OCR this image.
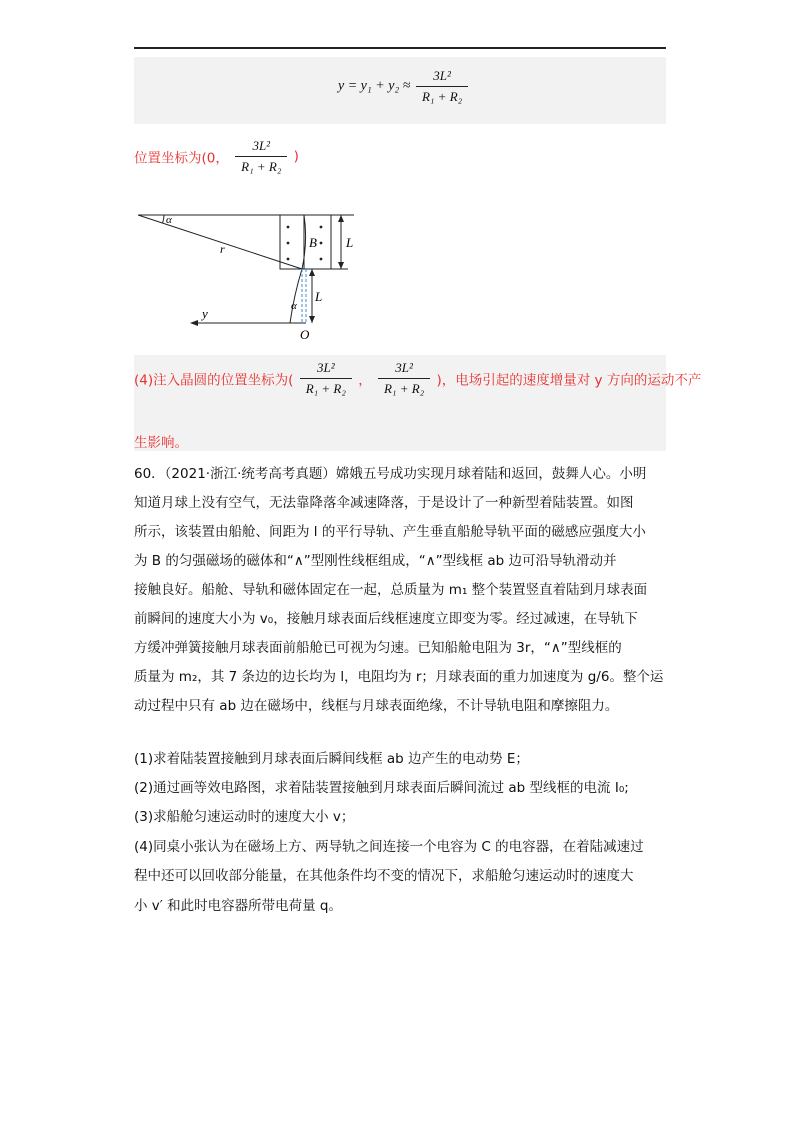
$y = y_1 + y_2 \approx \frac{\text{3L²}}{\text{R₁ + R₂}}$
位置坐标为(0， $\frac{\text{3L²}}{\text{R₁ + R₂}}$ )
α
r	B L
L
α
y
O
(4)注入晶圆的位置坐标为( $\frac{\text{3L²}}{\text{R₁ + R₂}}$ ， $\frac{\text{3L²}}{\text{R₁ + R₂}}$ )，电场引起的速度增量对 y 方向的运动不产
生影响。
60．（2021·浙江·统考高考真题）嫦娥五号成功实现月球着陆和返回，鼓舞人心。小明
知道月球上没有空气，无法靠降落伞减速降落，于是设计了一种新型着陆装置。如图
所示，该装置由船舱、间距为 l 的平行导轨、产生垂直船舱导轨平面的磁感应强度大小
为 B 的匀强磁场的磁体和“∧”型刚性线框组成，“∧”型线框 ab 边可沿导轨滑动并
接触良好。船舱、导轨和磁体固定在一起，总质量为 m₁ 整个装置竖直着陆到月球表面
前瞬间的速度大小为 v₀，接触月球表面后线框速度立即变为零。经过减速，在导轨下
方缓冲弹簧接触月球表面前船舱已可视为匀速。已知船舱电阻为 3r，“∧”型线框的
质量为 m₂，其 7 条边的边长均为 l，电阻均为 r；月球表面的重力加速度为 g/6。整个运
动过程中只有 ab 边在磁场中，线框与月球表面绝缘，不计导轨电阻和摩擦阻力。
(1)求着陆装置接触到月球表面后瞬间线框 ab 边产生的电动势 E；
(2)通过画等效电路图，求着陆装置接触到月球表面后瞬间流过 ab 型线框的电流 I₀;
(3)求船舱匀速运动时的速度大小 v；
(4)同桌小张认为在磁场上方、两导轨之间连接一个电容为 C 的电容器，在着陆减速过
程中还可以回收部分能量，在其他条件均不变的情况下，求船舱匀速运动时的速度大
小 v′ 和此时电容器所带电荷量 q。
